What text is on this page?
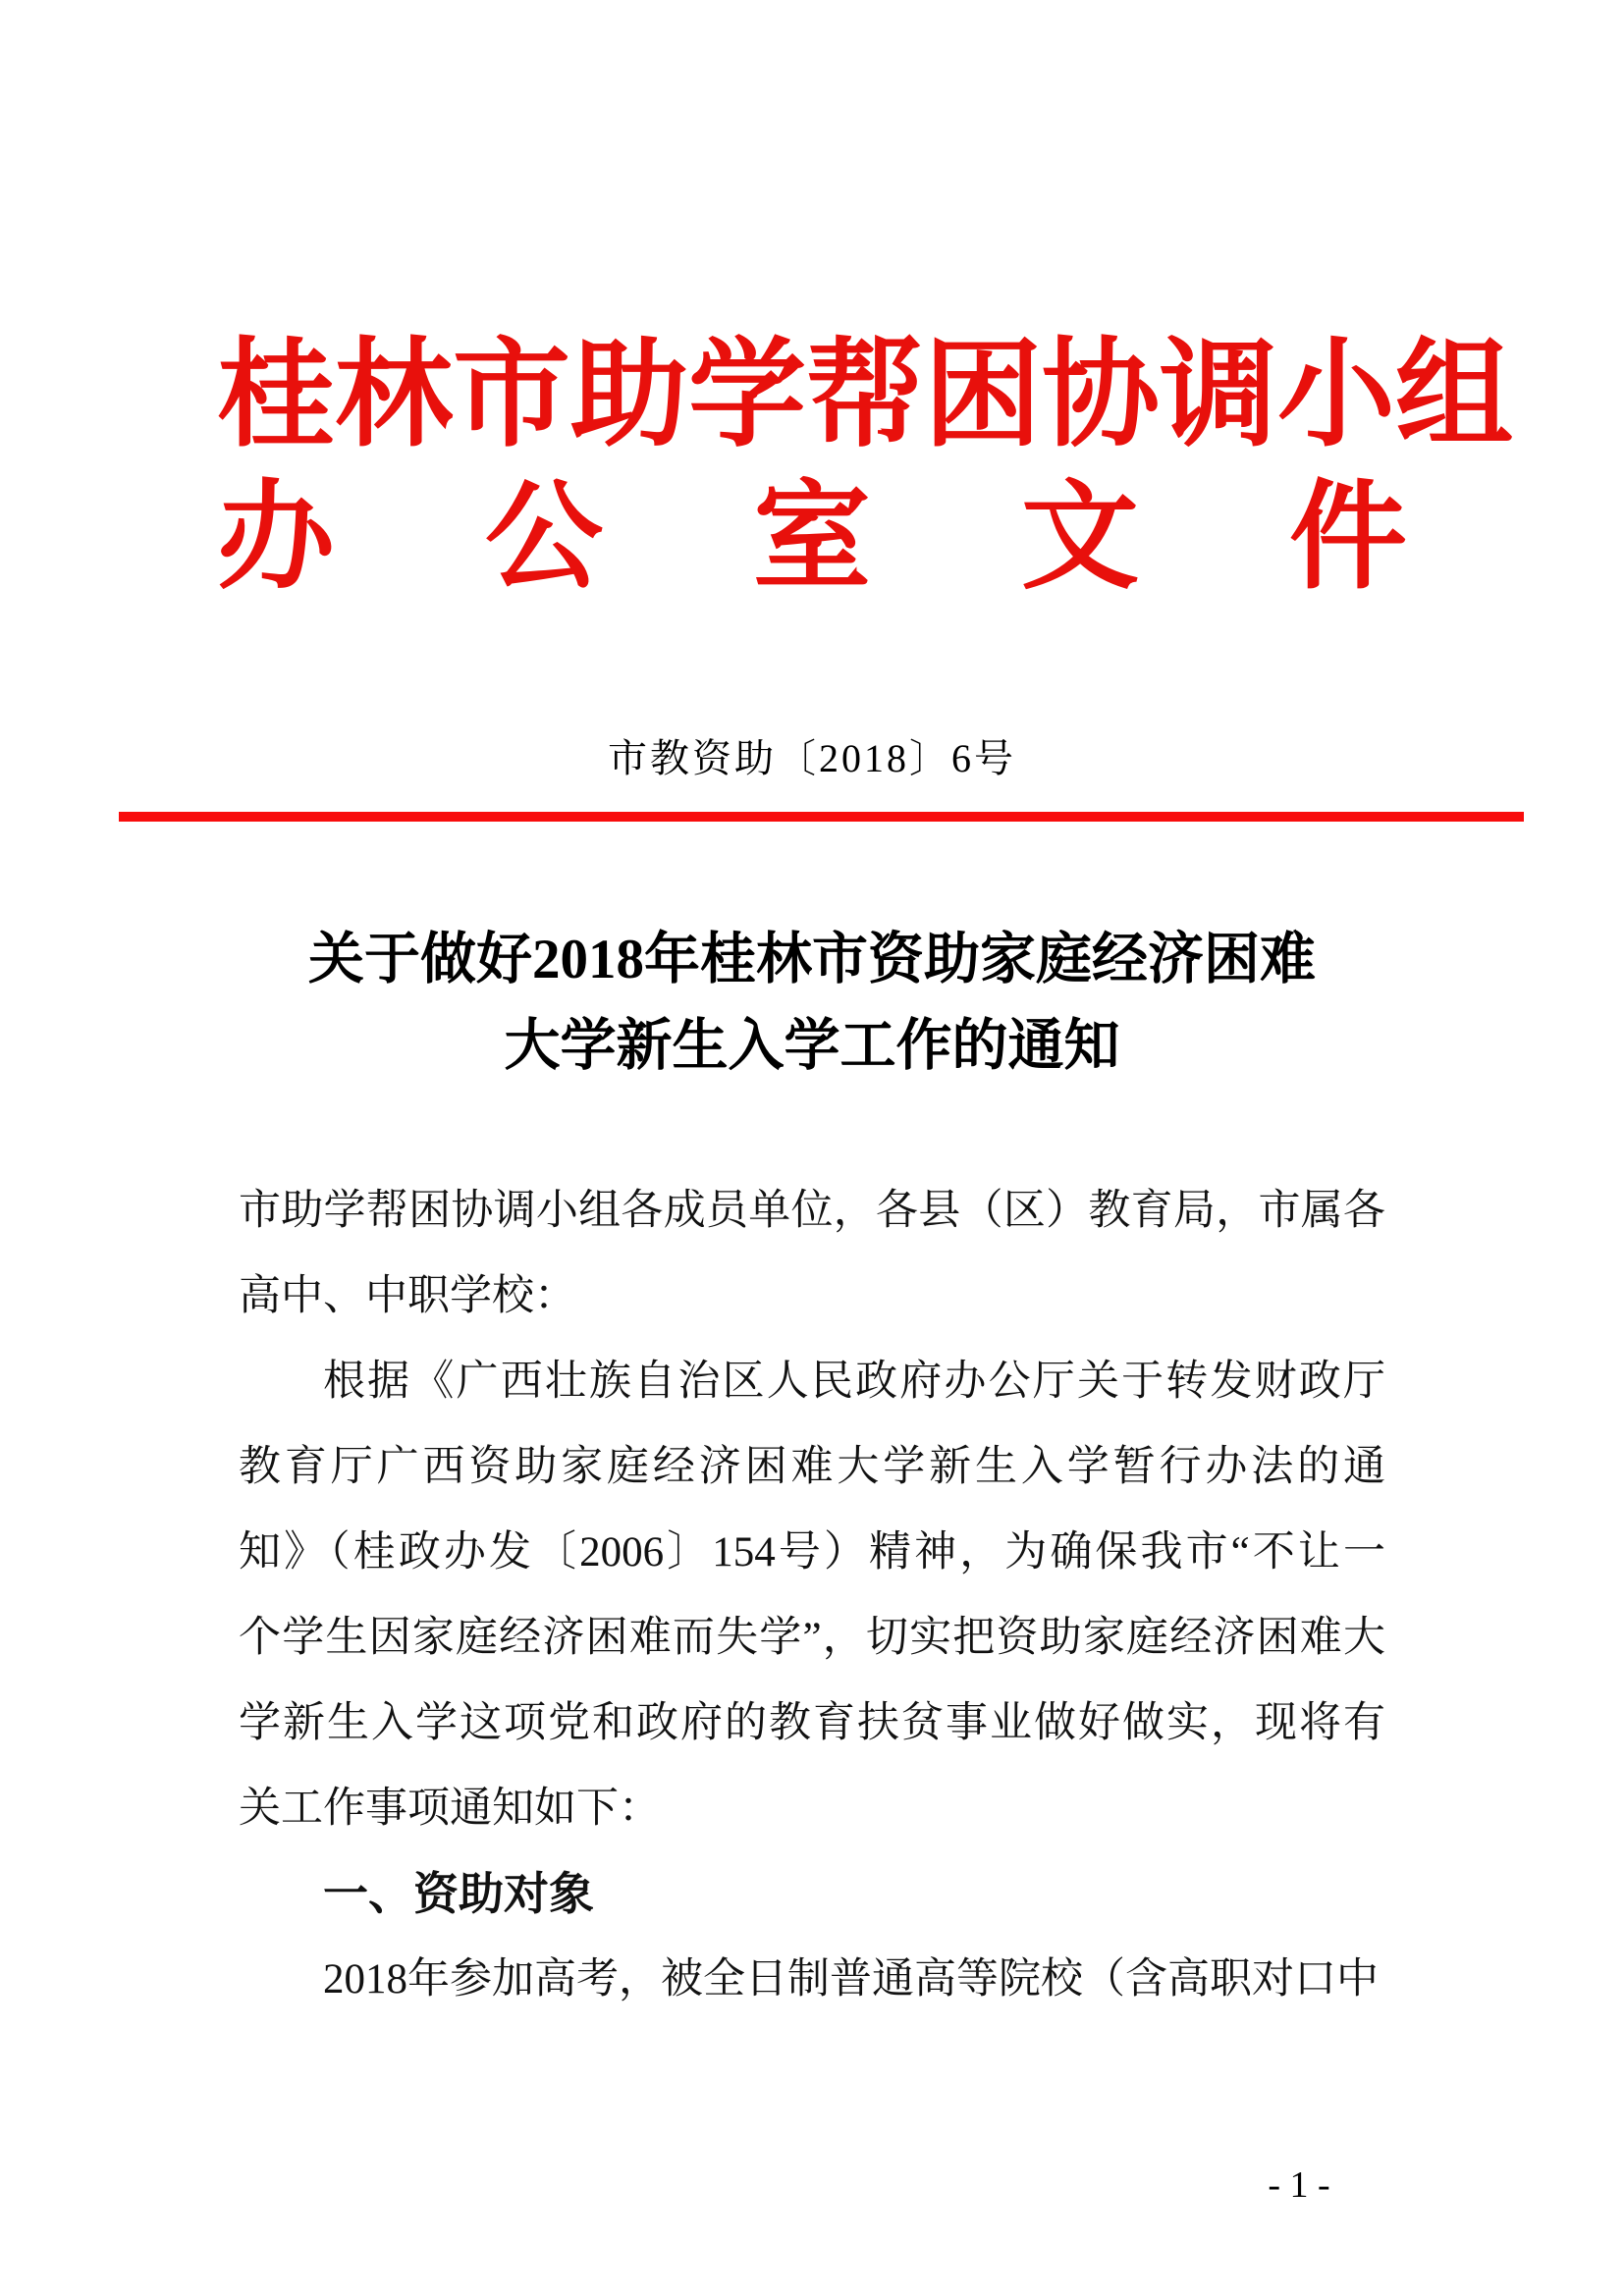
桂 林 市 助 学 帮 困 协 调 小 组
办 公 室 文 件
市教资助〔2018〕6号
关于做好2018年桂林市资助家庭经济困难
大学新生入学工作的通知
市助学帮困协调小组各成员单位，各县（区）教育局，市属各
高中、中职学校：
根据《广西壮族自治区人民政府办公厅关于转发财政厅
教育厅广西资助家庭经济困难大学新生入学暂行办法的通
知》（桂政办发〔2006〕154号）精神，为确保我市“不让一
个学生因家庭经济困难而失学”，切实把资助家庭经济困难大
学新生入学这项党和政府的教育扶贫事业做好做实，现将有
关工作事项通知如下：
一、资助对象
2018年参加高考，被全日制普通高等院校（含高职对口中
- 1 -
